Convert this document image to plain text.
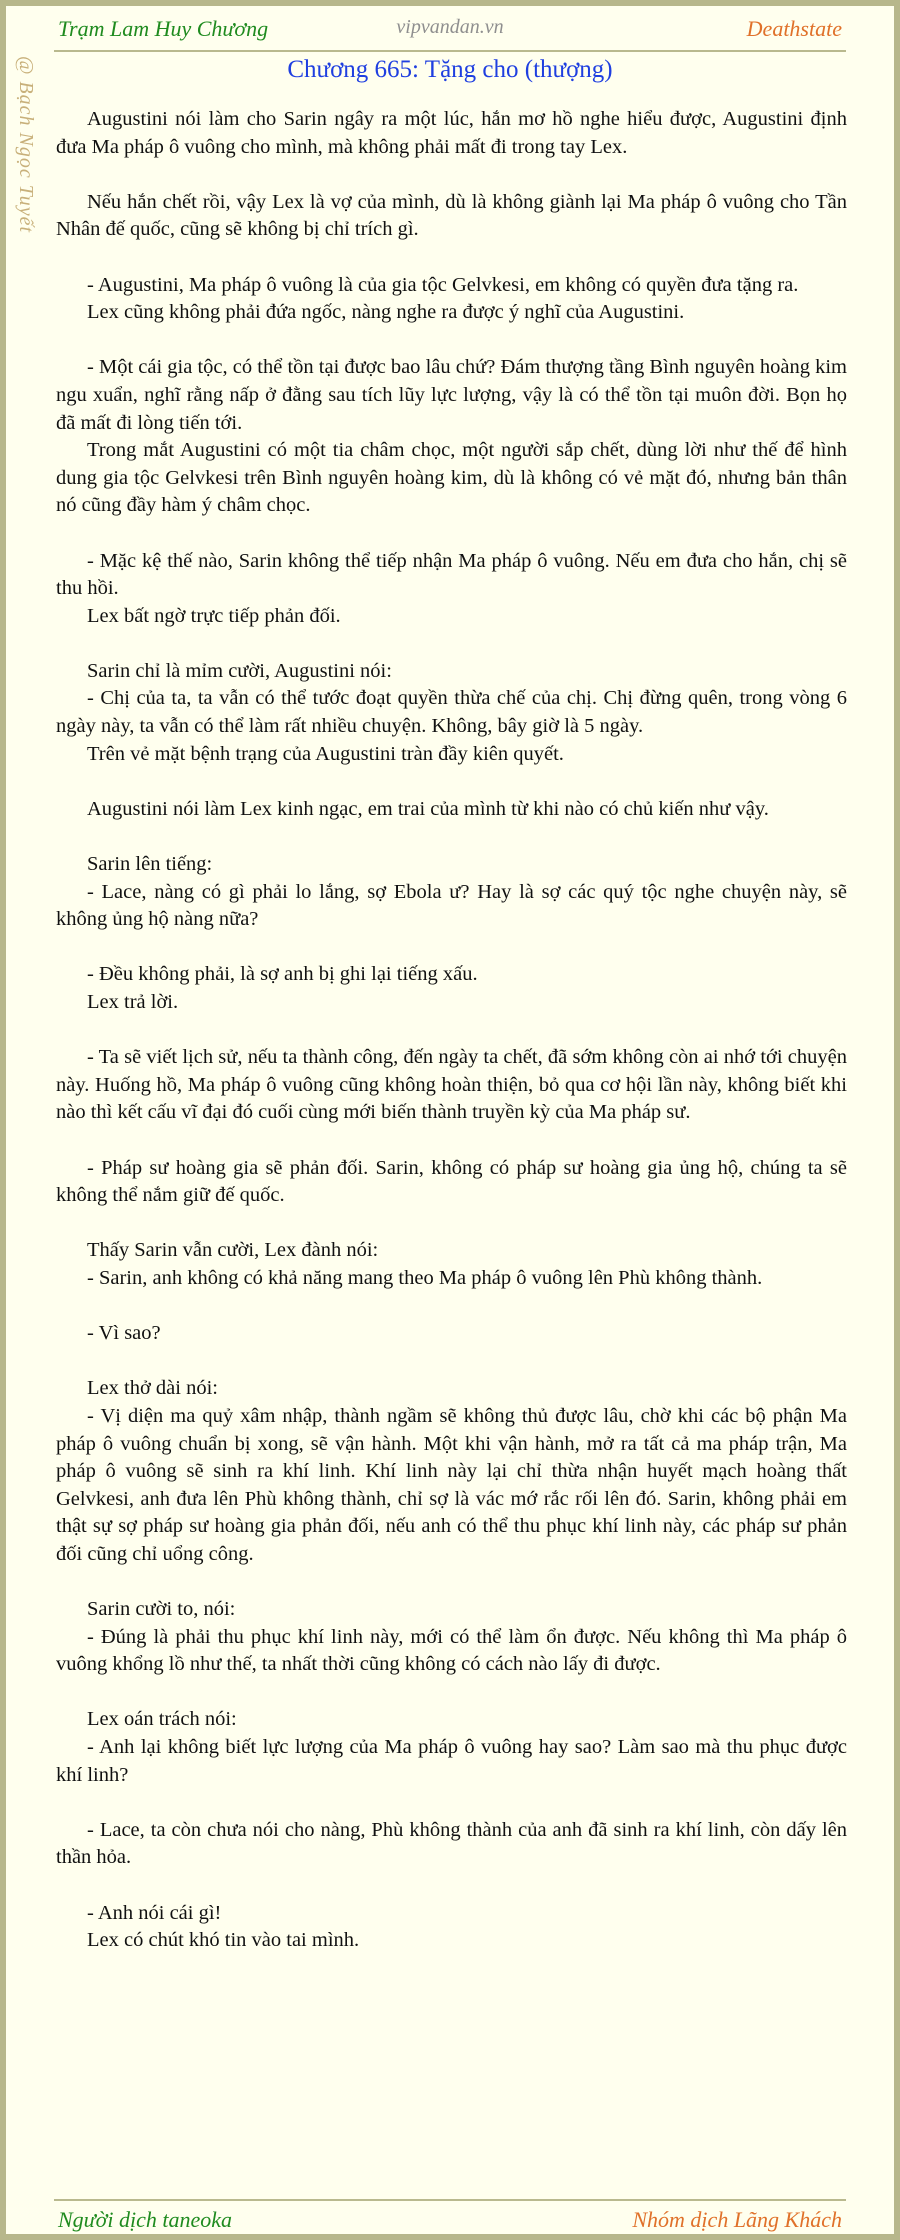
Trạm Lam Huy Chương	vipvandan.vn	Deathstate
@ Bạch Ngọc Tuyết	Chương 665: Tặng cho (thượng)

Augustini nói làm cho Sarin ngây ra một lúc, hắn mơ hồ nghe hiểu được, Augustini định đưa Ma pháp ô vuông cho mình, mà không phải mất đi trong tay Lex.

Nếu hắn chết rồi, vậy Lex là vợ của mình, dù là không giành lại Ma pháp ô vuông cho Tần Nhân đế quốc, cũng sẽ không bị chỉ trích gì.

- Augustini, Ma pháp ô vuông là của gia tộc Gelvkesi, em không có quyền đưa tặng ra.

Lex cũng không phải đứa ngốc, nàng nghe ra được ý nghĩ của Augustini.

- Một cái gia tộc, có thể tồn tại được bao lâu chứ? Đám thượng tầng Bình nguyên hoàng kim ngu xuẩn, nghĩ rằng nấp ở đằng sau tích lũy lực lượng, vậy là có thể tồn tại muôn đời. Bọn họ đã mất đi lòng tiến tới.

Trong mắt Augustini có một tia châm chọc, một người sắp chết, dùng lời như thế để hình dung gia tộc Gelvkesi trên Bình nguyên hoàng kim, dù là không có vẻ mặt đó, nhưng bản thân nó cũng đầy hàm ý châm chọc.

- Mặc kệ thế nào, Sarin không thể tiếp nhận Ma pháp ô vuông. Nếu em đưa cho hắn, chị sẽ thu hồi.

Lex bất ngờ trực tiếp phản đối.

Sarin chỉ là mỉm cười, Augustini nói:

- Chị của ta, ta vẫn có thể tước đoạt quyền thừa chế của chị. Chị đừng quên, trong vòng 6 ngày này, ta vẫn có thể làm rất nhiều chuyện. Không, bây giờ là 5 ngày.

Trên vẻ mặt bệnh trạng của Augustini tràn đầy kiên quyết.

Augustini nói làm Lex kinh ngạc, em trai của mình từ khi nào có chủ kiến như vậy.

Sarin lên tiếng:

- Lace, nàng có gì phải lo lắng, sợ Ebola ư? Hay là sợ các quý tộc nghe chuyện này, sẽ không ủng hộ nàng nữa?

- Đều không phải, là sợ anh bị ghi lại tiếng xấu.

Lex trả lời.

- Ta sẽ viết lịch sử, nếu ta thành công, đến ngày ta chết, đã sớm không còn ai nhớ tới chuyện này. Huống hồ, Ma pháp ô vuông cũng không hoàn thiện, bỏ qua cơ hội lần này, không biết khi nào thì kết cấu vĩ đại đó cuối cùng mới biến thành truyền kỳ của Ma pháp sư.

- Pháp sư hoàng gia sẽ phản đối. Sarin, không có pháp sư hoàng gia ủng hộ, chúng ta sẽ không thể nắm giữ đế quốc.

Thấy Sarin vẫn cười, Lex đành nói:

- Sarin, anh không có khả năng mang theo Ma pháp ô vuông lên Phù không thành.

- Vì sao?

Lex thở dài nói:

- Vị diện ma quỷ xâm nhập, thành ngầm sẽ không thủ được lâu, chờ khi các bộ phận Ma pháp ô vuông chuẩn bị xong, sẽ vận hành. Một khi vận hành, mở ra tất cả ma pháp trận, Ma pháp ô vuông sẽ sinh ra khí linh. Khí linh này lại chỉ thừa nhận huyết mạch hoàng thất Gelvkesi, anh đưa lên Phù không thành, chỉ sợ là vác mớ rắc rối lên đó. Sarin, không phải em thật sự sợ pháp sư hoàng gia phản đối, nếu anh có thể thu phục khí linh này, các pháp sư phản đối cũng chỉ uổng công.

Sarin cười to, nói:

- Đúng là phải thu phục khí linh này, mới có thể làm ổn được. Nếu không thì Ma pháp ô vuông khổng lồ như thế, ta nhất thời cũng không có cách nào lấy đi được.

Lex oán trách nói:

- Anh lại không biết lực lượng của Ma pháp ô vuông hay sao? Làm sao mà thu phục được khí linh?

- Lace, ta còn chưa nói cho nàng, Phù không thành của anh đã sinh ra khí linh, còn dấy lên thần hỏa.

- Anh nói cái gì!

Lex có chút khó tin vào tai mình.

Người dịch taneoka	Nhóm dịch Lãng Khách
